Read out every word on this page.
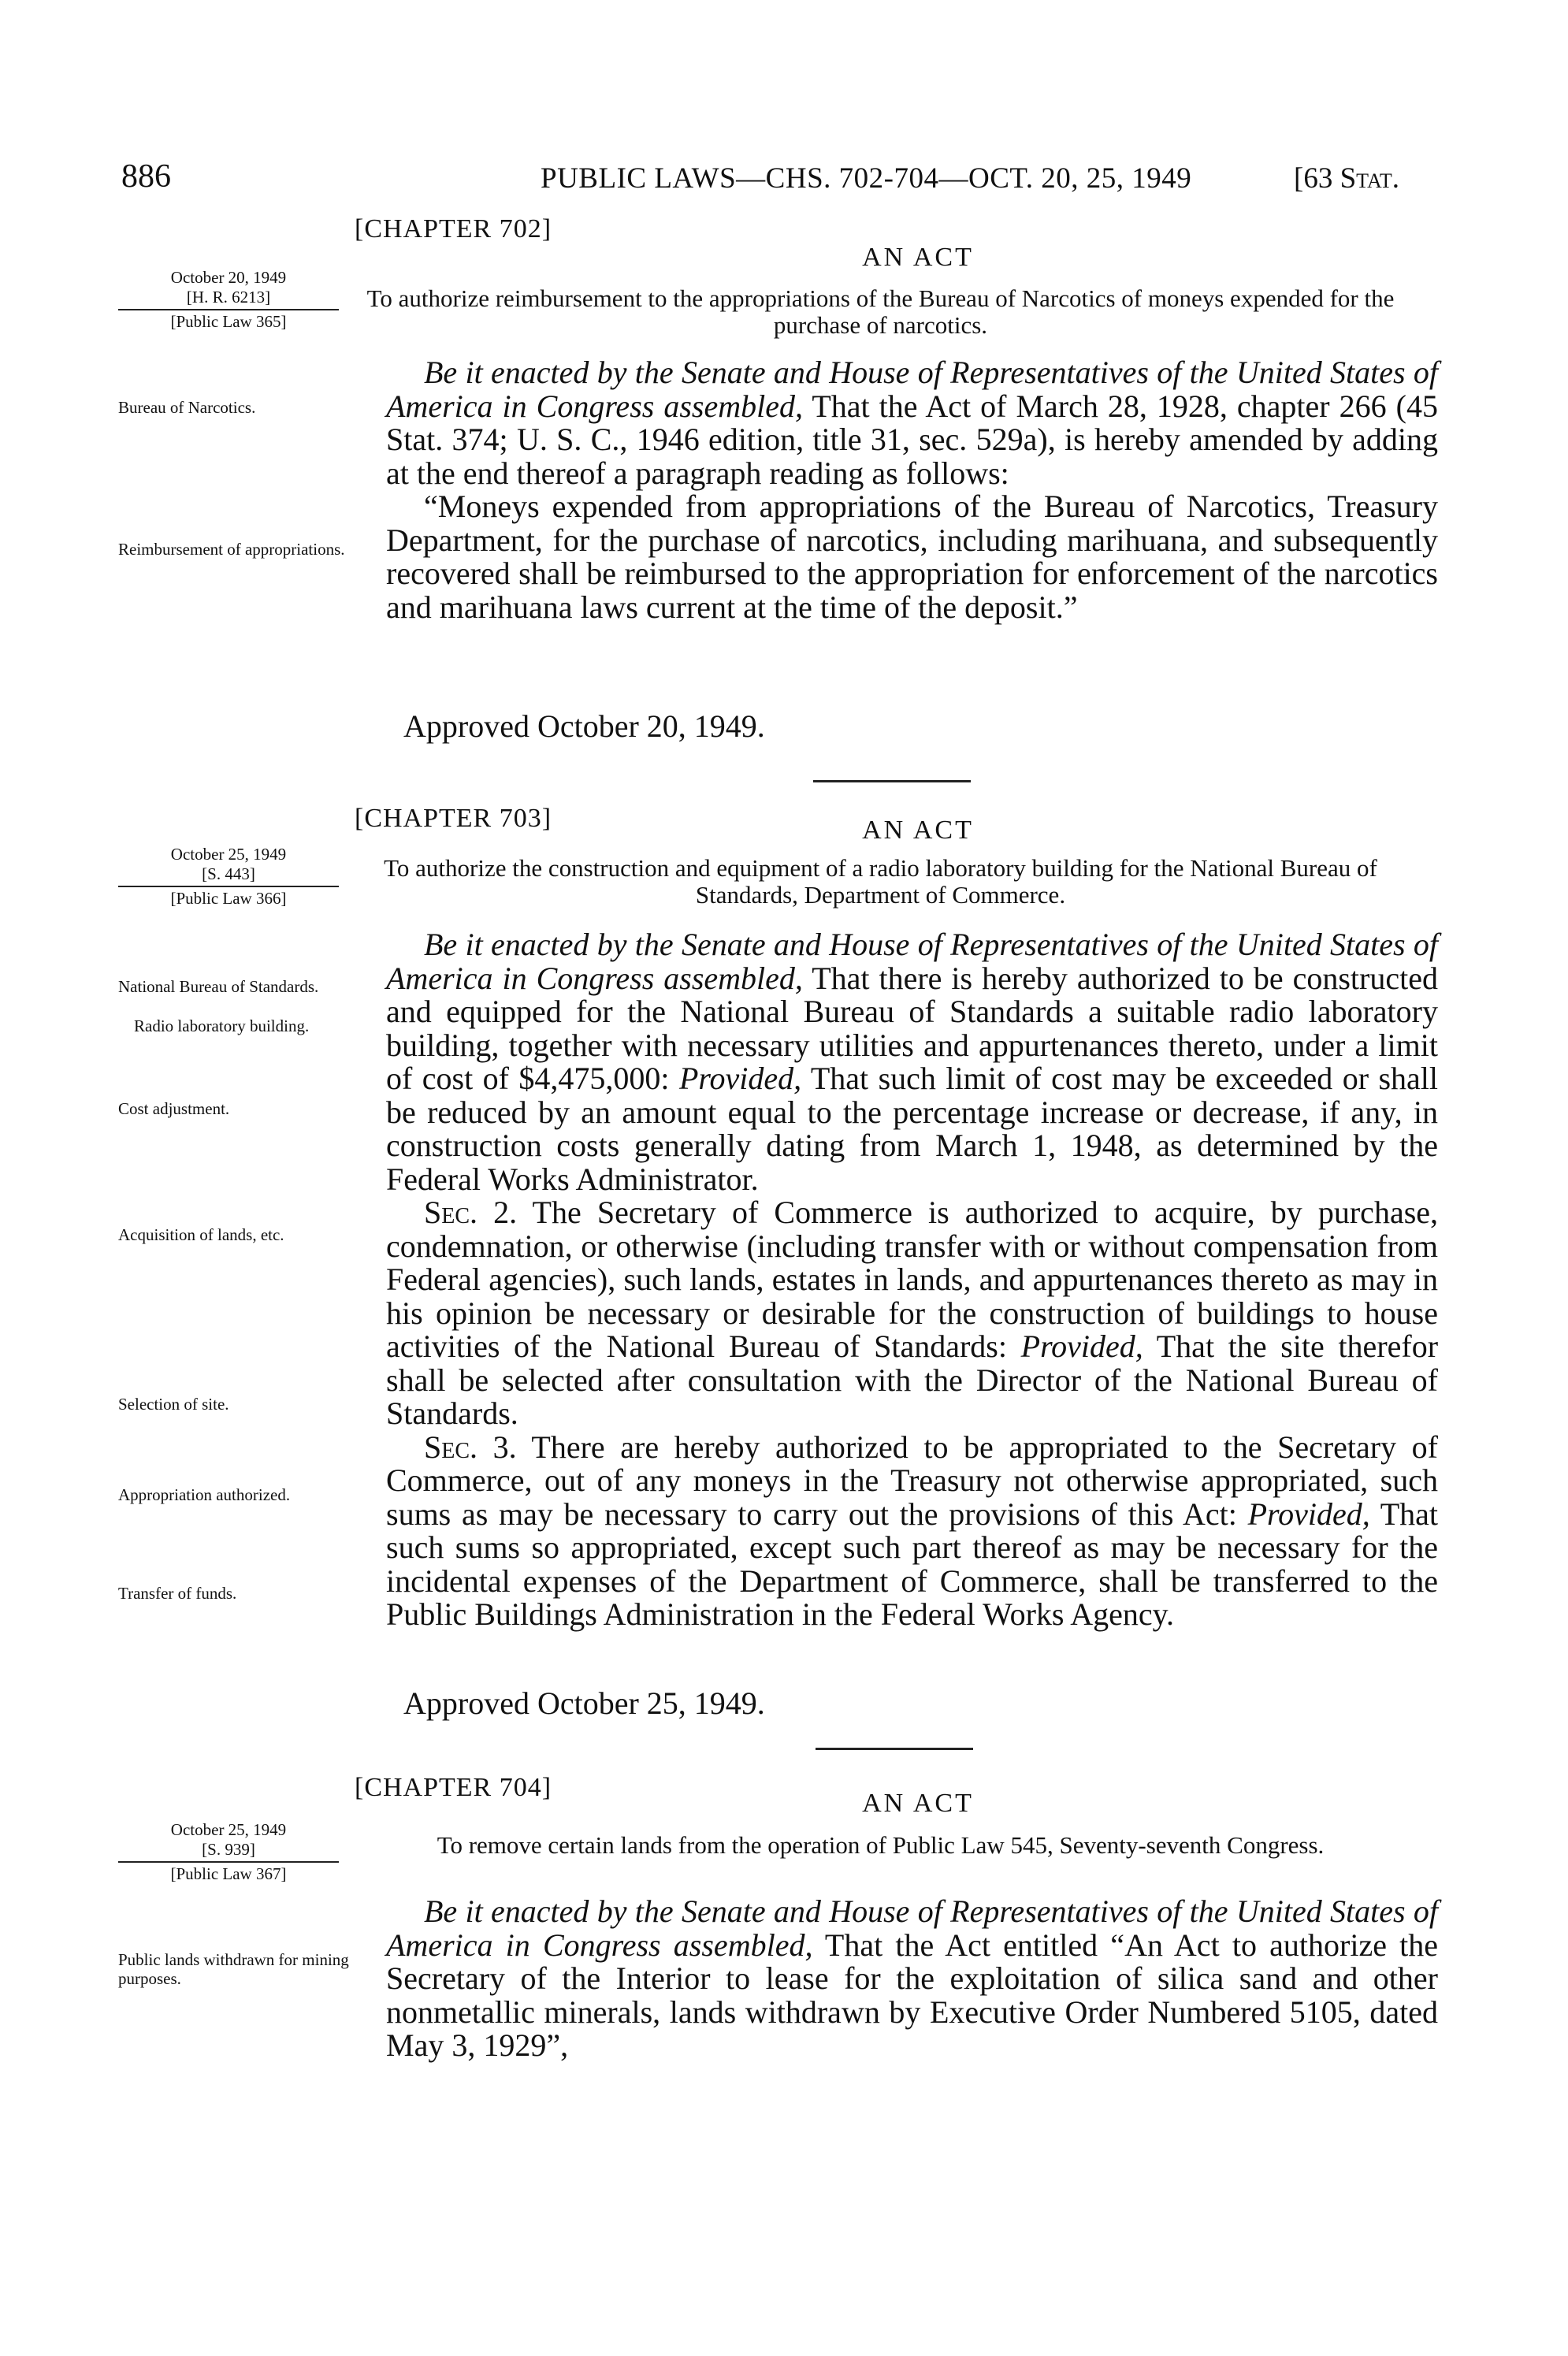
886	PUBLIC LAWS—CHS. 702-704—OCT. 20, 25, 1949	[63 Stat.
[CHAPTER 702]
AN ACT
October 20, 1949
[H. R. 6213]
[Public Law 365]
To authorize reimbursement to the appropriations of the Bureau of Narcotics of moneys expended for the purchase of narcotics.
Bureau of Narcotics.
Reimbursement of appropriations.

Be it enacted by the Senate and House of Representatives of the United States of America in Congress assembled, That the Act of March 28, 1928, chapter 266 (45 Stat. 374; U. S. C., 1946 edition, title 31, sec. 529a), is hereby amended by adding at the end thereof a paragraph reading as follows:

“Moneys expended from appropriations of the Bureau of Narcotics, Treasury Department, for the purchase of narcotics, including marihuana, and subsequently recovered shall be reimbursed to the appropriation for enforcement of the narcotics and marihuana laws current at the time of the deposit.”

Approved October 20, 1949.
[CHAPTER 703]	AN ACT
October 25, 1949
[S. 443]
[Public Law 366]
To authorize the construction and equipment of a radio laboratory building for the National Bureau of Standards, Department of Commerce.
National Bureau of Standards.
Radio laboratory building.
Cost adjustment.
Acquisition of lands, etc.
Selection of site.
Appropriation authorized.
Transfer of funds.

Be it enacted by the Senate and House of Representatives of the United States of America in Congress assembled, That there is hereby authorized to be constructed and equipped for the National Bureau of Standards a suitable radio laboratory building, together with necessary utilities and appurtenances thereto, under a limit of cost of $4,475,000: Provided, That such limit of cost may be exceeded or shall be reduced by an amount equal to the percentage increase or decrease, if any, in construction costs generally dating from March 1, 1948, as determined by the Federal Works Administrator.

Sec. 2. The Secretary of Commerce is authorized to acquire, by purchase, condemnation, or otherwise (including transfer with or without compensation from Federal agencies), such lands, estates in lands, and appurtenances thereto as may in his opinion be necessary or desirable for the construction of buildings to house activities of the National Bureau of Standards: Provided, That the site therefor shall be selected after consultation with the Director of the National Bureau of Standards.

Sec. 3. There are hereby authorized to be appropriated to the Secretary of Commerce, out of any moneys in the Treasury not otherwise appropriated, such sums as may be necessary to carry out the provisions of this Act: Provided, That such sums so appropriated, except such part thereof as may be necessary for the incidental expenses of the Department of Commerce, shall be transferred to the Public Buildings Administration in the Federal Works Agency.

Approved October 25, 1949.
[CHAPTER 704]
AN ACT
October 25, 1949
[S. 939]
[Public Law 367]
To remove certain lands from the operation of Public Law 545, Seventy-seventh Congress.
Public lands withdrawn for mining purposes.

Be it enacted by the Senate and House of Representatives of the United States of America in Congress assembled, That the Act entitled “An Act to authorize the Secretary of the Interior to lease for the exploitation of silica sand and other nonmetallic minerals, lands withdrawn by Executive Order Numbered 5105, dated May 3, 1929”,
